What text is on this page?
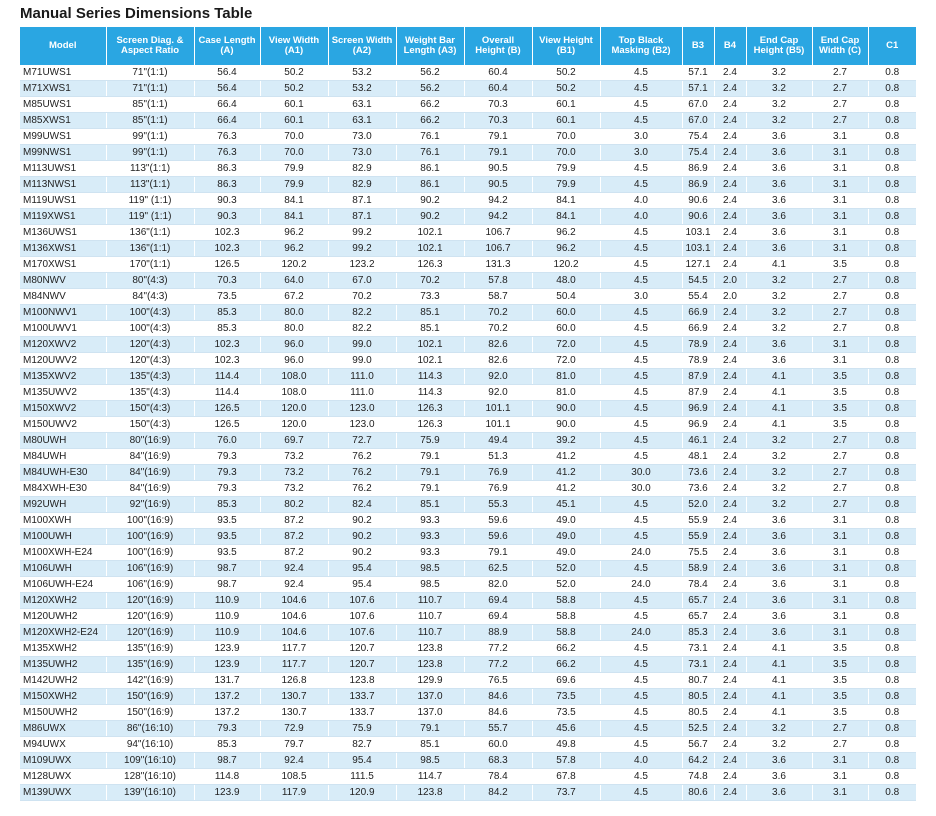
Manual Series Dimensions Table
Model	Screen Diag. & Aspect Ratio	Case Length (A)	View Width (A1)	Screen Width (A2)	Weight Bar Length (A3)	Overall Height (B)	View Height (B1)	Top Black Masking (B2)	B3	B4	End Cap Height (B5)	End Cap Width (C)	C1
M71UWS1	71"(1:1)	56.4	50.2	53.2	56.2	60.4	50.2	4.5	57.1	2.4	3.2	2.7	0.8
M71XWS1	71"(1:1)	56.4	50.2	53.2	56.2	60.4	50.2	4.5	57.1	2.4	3.2	2.7	0.8
M85UWS1	85"(1:1)	66.4	60.1	63.1	66.2	70.3	60.1	4.5	67.0	2.4	3.2	2.7	0.8
M85XWS1	85"(1:1)	66.4	60.1	63.1	66.2	70.3	60.1	4.5	67.0	2.4	3.2	2.7	0.8
M99UWS1	99"(1:1)	76.3	70.0	73.0	76.1	79.1	70.0	3.0	75.4	2.4	3.6	3.1	0.8
M99NWS1	99"(1:1)	76.3	70.0	73.0	76.1	79.1	70.0	3.0	75.4	2.4	3.6	3.1	0.8
M113UWS1	113"(1:1)	86.3	79.9	82.9	86.1	90.5	79.9	4.5	86.9	2.4	3.6	3.1	0.8
M113NWS1	113"(1:1)	86.3	79.9	82.9	86.1	90.5	79.9	4.5	86.9	2.4	3.6	3.1	0.8
M119UWS1	119" (1:1)	90.3	84.1	87.1	90.2	94.2	84.1	4.0	90.6	2.4	3.6	3.1	0.8
M119XWS1	119" (1:1)	90.3	84.1	87.1	90.2	94.2	84.1	4.0	90.6	2.4	3.6	3.1	0.8
M136UWS1	136"(1:1)	102.3	96.2	99.2	102.1	106.7	96.2	4.5	103.1	2.4	3.6	3.1	0.8
M136XWS1	136"(1:1)	102.3	96.2	99.2	102.1	106.7	96.2	4.5	103.1	2.4	3.6	3.1	0.8
M170XWS1	170"(1:1)	126.5	120.2	123.2	126.3	131.3	120.2	4.5	127.1	2.4	4.1	3.5	0.8
M80NWV	80"(4:3)	70.3	64.0	67.0	70.2	57.8	48.0	4.5	54.5	2.0	3.2	2.7	0.8
M84NWV	84"(4:3)	73.5	67.2	70.2	73.3	58.7	50.4	3.0	55.4	2.0	3.2	2.7	0.8
M100NWV1	100"(4:3)	85.3	80.0	82.2	85.1	70.2	60.0	4.5	66.9	2.4	3.2	2.7	0.8
M100UWV1	100"(4:3)	85.3	80.0	82.2	85.1	70.2	60.0	4.5	66.9	2.4	3.2	2.7	0.8
M120XWV2	120"(4:3)	102.3	96.0	99.0	102.1	82.6	72.0	4.5	78.9	2.4	3.6	3.1	0.8
M120UWV2	120"(4:3)	102.3	96.0	99.0	102.1	82.6	72.0	4.5	78.9	2.4	3.6	3.1	0.8
M135XWV2	135"(4:3)	114.4	108.0	111.0	114.3	92.0	81.0	4.5	87.9	2.4	4.1	3.5	0.8
M135UWV2	135"(4:3)	114.4	108.0	111.0	114.3	92.0	81.0	4.5	87.9	2.4	4.1	3.5	0.8
M150XWV2	150"(4:3)	126.5	120.0	123.0	126.3	101.1	90.0	4.5	96.9	2.4	4.1	3.5	0.8
M150UWV2	150"(4:3)	126.5	120.0	123.0	126.3	101.1	90.0	4.5	96.9	2.4	4.1	3.5	0.8
M80UWH	80"(16:9)	76.0	69.7	72.7	75.9	49.4	39.2	4.5	46.1	2.4	3.2	2.7	0.8
M84UWH	84"(16:9)	79.3	73.2	76.2	79.1	51.3	41.2	4.5	48.1	2.4	3.2	2.7	0.8
M84UWH-E30	84"(16:9)	79.3	73.2	76.2	79.1	76.9	41.2	30.0	73.6	2.4	3.2	2.7	0.8
M84XWH-E30	84"(16:9)	79.3	73.2	76.2	79.1	76.9	41.2	30.0	73.6	2.4	3.2	2.7	0.8
M92UWH	92"(16:9)	85.3	80.2	82.4	85.1	55.3	45.1	4.5	52.0	2.4	3.2	2.7	0.8
M100XWH	100"(16:9)	93.5	87.2	90.2	93.3	59.6	49.0	4.5	55.9	2.4	3.6	3.1	0.8
M100UWH	100"(16:9)	93.5	87.2	90.2	93.3	59.6	49.0	4.5	55.9	2.4	3.6	3.1	0.8
M100XWH-E24	100"(16:9)	93.5	87.2	90.2	93.3	79.1	49.0	24.0	75.5	2.4	3.6	3.1	0.8
M106UWH	106"(16:9)	98.7	92.4	95.4	98.5	62.5	52.0	4.5	58.9	2.4	3.6	3.1	0.8
M106UWH-E24	106"(16:9)	98.7	92.4	95.4	98.5	82.0	52.0	24.0	78.4	2.4	3.6	3.1	0.8
M120XWH2	120"(16:9)	110.9	104.6	107.6	110.7	69.4	58.8	4.5	65.7	2.4	3.6	3.1	0.8
M120UWH2	120"(16:9)	110.9	104.6	107.6	110.7	69.4	58.8	4.5	65.7	2.4	3.6	3.1	0.8
M120XWH2-E24	120"(16:9)	110.9	104.6	107.6	110.7	88.9	58.8	24.0	85.3	2.4	3.6	3.1	0.8
M135XWH2	135"(16:9)	123.9	117.7	120.7	123.8	77.2	66.2	4.5	73.1	2.4	4.1	3.5	0.8
M135UWH2	135"(16:9)	123.9	117.7	120.7	123.8	77.2	66.2	4.5	73.1	2.4	4.1	3.5	0.8
M142UWH2	142"(16:9)	131.7	126.8	123.8	129.9	76.5	69.6	4.5	80.7	2.4	4.1	3.5	0.8
M150XWH2	150"(16:9)	137.2	130.7	133.7	137.0	84.6	73.5	4.5	80.5	2.4	4.1	3.5	0.8
M150UWH2	150"(16:9)	137.2	130.7	133.7	137.0	84.6	73.5	4.5	80.5	2.4	4.1	3.5	0.8
M86UWX	86"(16:10)	79.3	72.9	75.9	79.1	55.7	45.6	4.5	52.5	2.4	3.2	2.7	0.8
M94UWX	94"(16:10)	85.3	79.7	82.7	85.1	60.0	49.8	4.5	56.7	2.4	3.2	2.7	0.8
M109UWX	109"(16:10)	98.7	92.4	95.4	98.5	68.3	57.8	4.0	64.2	2.4	3.6	3.1	0.8
M128UWX	128"(16:10)	114.8	108.5	111.5	114.7	78.4	67.8	4.5	74.8	2.4	3.6	3.1	0.8
M139UWX	139"(16:10)	123.9	117.9	120.9	123.8	84.2	73.7	4.5	80.6	2.4	3.6	3.1	0.8
